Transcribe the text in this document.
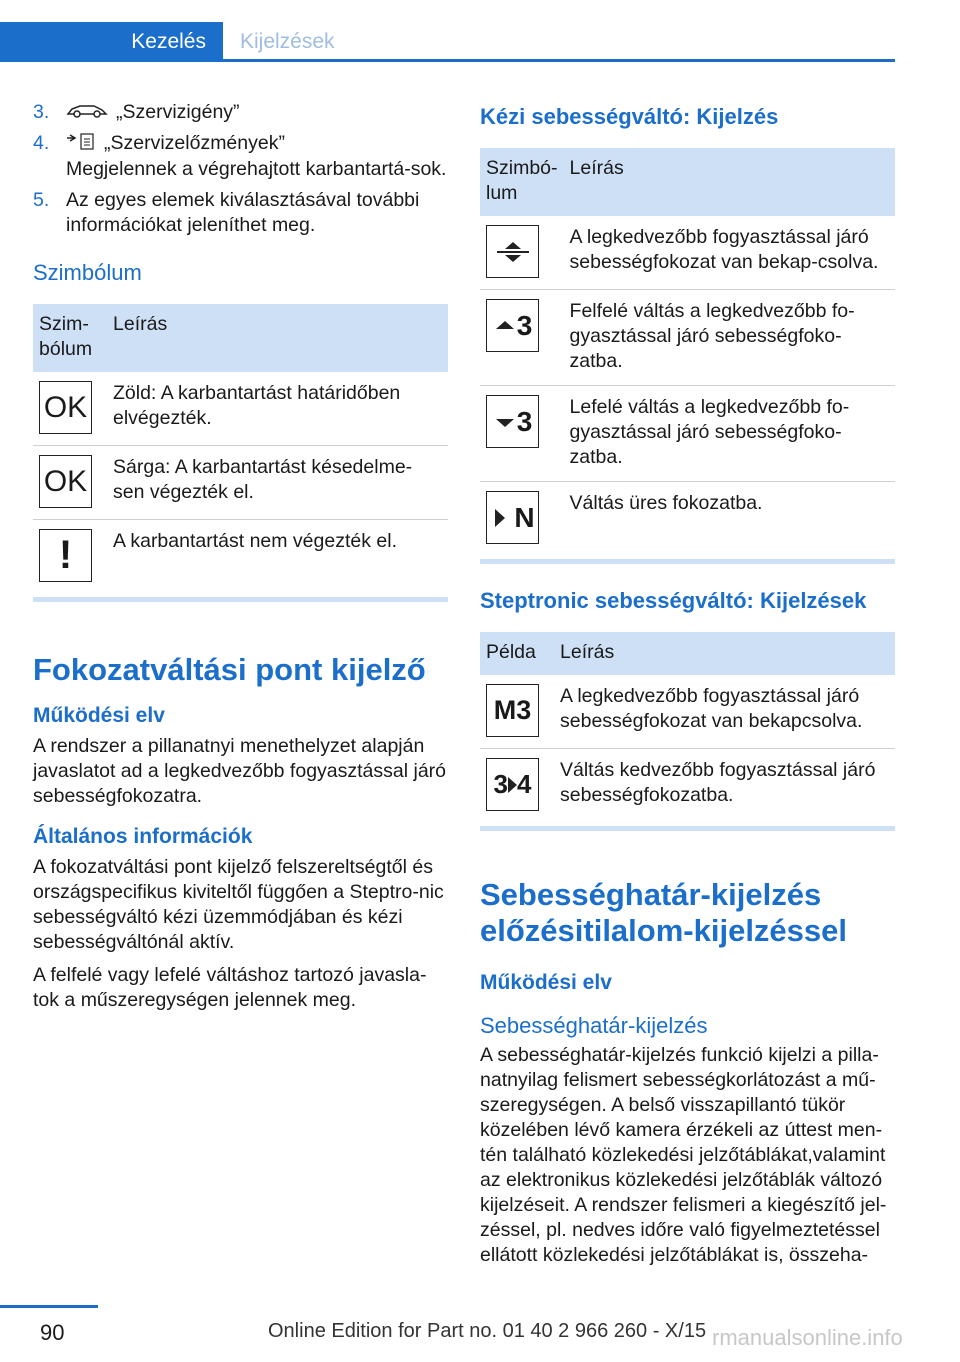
Kezelés	Kijelzések
3.	„Szervizigény”
4.	„Szervizelőzmények”
Megjelennek a végrehajtott karbantartá-sok.
5. Az egyes elemek kiválasztásával további információkat jeleníthet meg.
Szimbólum
Szim-bólum	Leírás

OK	Zöld: A karbantartást határidőben elvégezték.

OK	Sárga: A karbantartást késedelme-sen végezték el.

!	A karbantartást nem végezték el.
Fokozatváltási pont kijelző
Működési elv

A rendszer a pillanatnyi menethelyzet alapján javaslatot ad a legkedvezőbb fogyasztással járó sebességfokozatra.

Általános információk

A fokozatváltási pont kijelző felszereltségtől és országspecifikus kiviteltől függően a Steptro-nic sebességváltó kézi üzemmódjában és kézi sebességváltónál aktív.

A felfelé vagy lefelé váltáshoz tartozó javasla-tok a műszeregységen jelennek meg.

Kézi sebességváltó: Kijelzés
Szimbó-lum	Leírás

	A legkedvezőbb fogyasztással járó sebességfokozat van bekap-csolva.

3	Felfelé váltás a legkedvezőbb fo-gyasztással járó sebességfoko-zatba.

3	Lefelé váltás a legkedvezőbb fo-gyasztással járó sebességfoko-zatba.

N	Váltás üres fokozatba.
Steptronic sebességváltó: Kijelzések
Példa	Leírás

M3	A legkedvezőbb fogyasztással járó sebességfokozat van bekapcsolva.

3 4	Váltás kedvezőbb fogyasztással járó sebességfokozatba.
Sebességhatár-kijelzés előzésitilalom-kijelzéssel
Működési elv
Sebességhatár-kijelzés

A sebességhatár-kijelzés funkció kijelzi a pilla-natnyilag felismert sebességkorlátozást a mű-szeregységen. A belső visszapillantó tükör közelében lévő kamera érzékeli az úttest men-tén található közlekedési jelzőtáblákat,valamint az elektronikus közlekedési jelzőtáblák változó kijelzéseit. A rendszer felismeri a kiegészítő jel-zéssel, pl. nedves időre való figyelmeztetéssel ellátott közlekedési jelzőtáblákat is, összeha-

90	Online Edition for Part no. 01 40 2 966 260 - X/15 rmanualsonline.info
